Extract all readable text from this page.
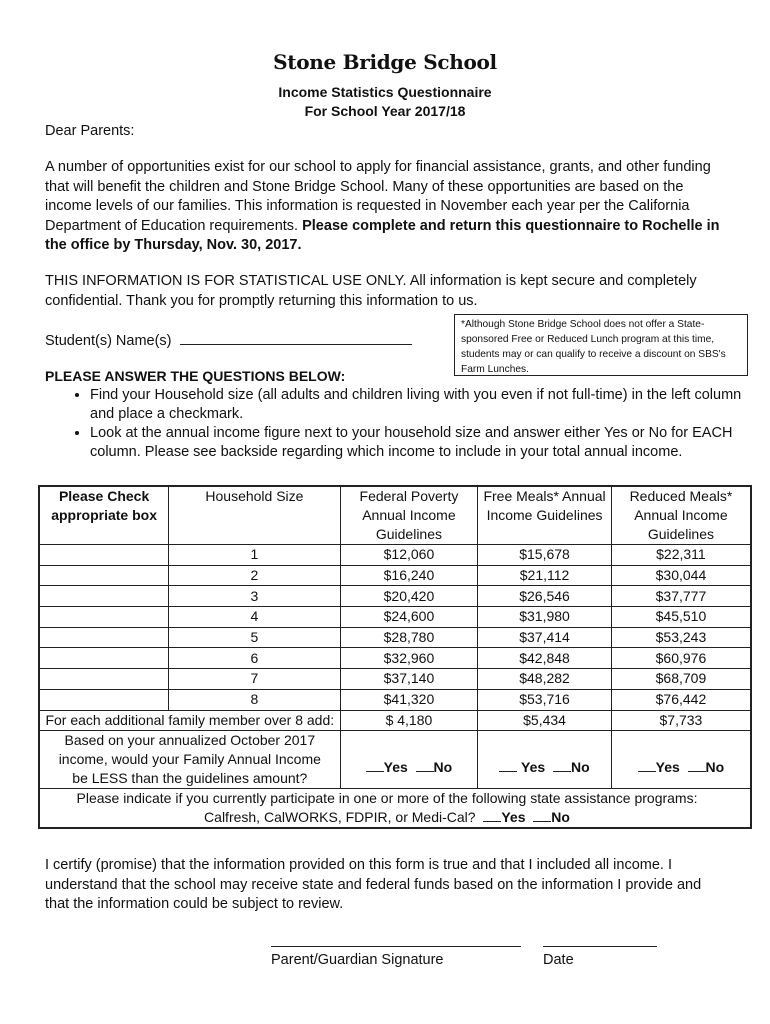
Stone Bridge School
Income Statistics Questionnaire
For School Year 2017/18
Dear Parents:
A number of opportunities exist for our school to apply for financial assistance, grants, and other funding that will benefit the children and Stone Bridge School. Many of these opportunities are based on the income levels of our families. This information is requested in November each year per the California Department of Education requirements. Please complete and return this questionnaire to Rochelle in the office by Thursday, Nov. 30, 2017.
THIS INFORMATION IS FOR STATISTICAL USE ONLY. All information is kept secure and completely confidential. Thank you for promptly returning this information to us.
*Although Stone Bridge School does not offer a State-sponsored Free or Reduced Lunch program at this time, students may or can qualify to receive a discount on SBS's Farm Lunches.
Student(s) Name(s)
PLEASE ANSWER THE QUESTIONS BELOW:
• Find your Household size (all adults and children living with you even if not full-time) in the left column and place a checkmark.
• Look at the annual income figure next to your household size and answer either Yes or No for EACH column. Please see backside regarding which income to include in your total annual income.
Please Check appropriate box	Household Size	Federal Poverty Annual Income Guidelines	Free Meals* Annual Income Guidelines	Reduced Meals* Annual Income Guidelines
	1	$12,060	$15,678	$22,311
	2	$16,240	$21,112	$30,044
	3	$20,420	$26,546	$37,777
	4	$24,600	$31,980	$45,510
	5	$28,780	$37,414	$53,243
	6	$32,960	$42,848	$60,976
	7	$37,140	$48,282	$68,709
	8	$41,320	$53,716	$76,442
For each additional family member over 8 add:		$ 4,180	$5,434	$7,733
Based on your annualized October 2017 income, would your Family Annual Income be LESS than the guidelines amount?		Yes No	Yes No	Yes No
Please indicate if you currently participate in one or more of the following state assistance programs: Calfresh, CalWORKS, FDPIR, or Medi-Cal? Yes No				
I certify (promise) that the information provided on this form is true and that I included all income. I understand that the school may receive state and federal funds based on the information I provide and that the information could be subject to review.
Parent/Guardian Signature	Date
